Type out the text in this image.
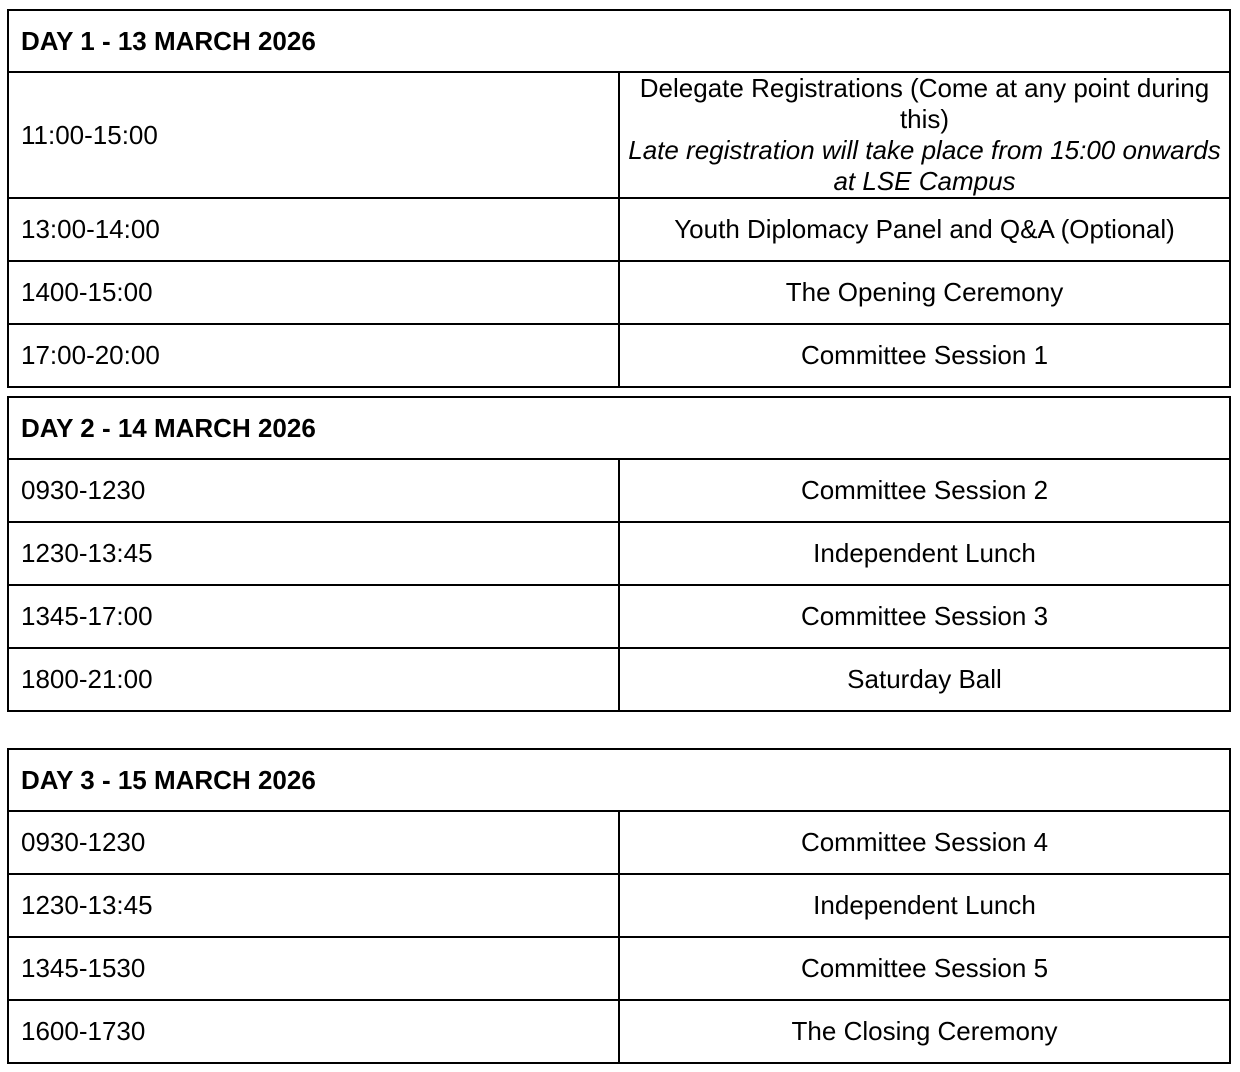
DAY 1 - 13 MARCH 2026	
11:00-15:00	Delegate Registrations (Come at any point during this)
Late registration will take place from 15:00 onwards at LSE Campus

13:00-14:00	Youth Diplomacy Panel and Q&A (Optional)
1400-15:00	The Opening Ceremony
17:00-20:00	Committee Session 1
DAY 2 - 14 MARCH 2026	
0930-1230	Committee Session 2
1230-13:45	Independent Lunch
1345-17:00	Committee Session 3
1800-21:00	Saturday Ball
DAY 3 - 15 MARCH 2026	
0930-1230	Committee Session 4
1230-13:45	Independent Lunch
1345-1530	Committee Session 5
1600-1730	The Closing Ceremony
